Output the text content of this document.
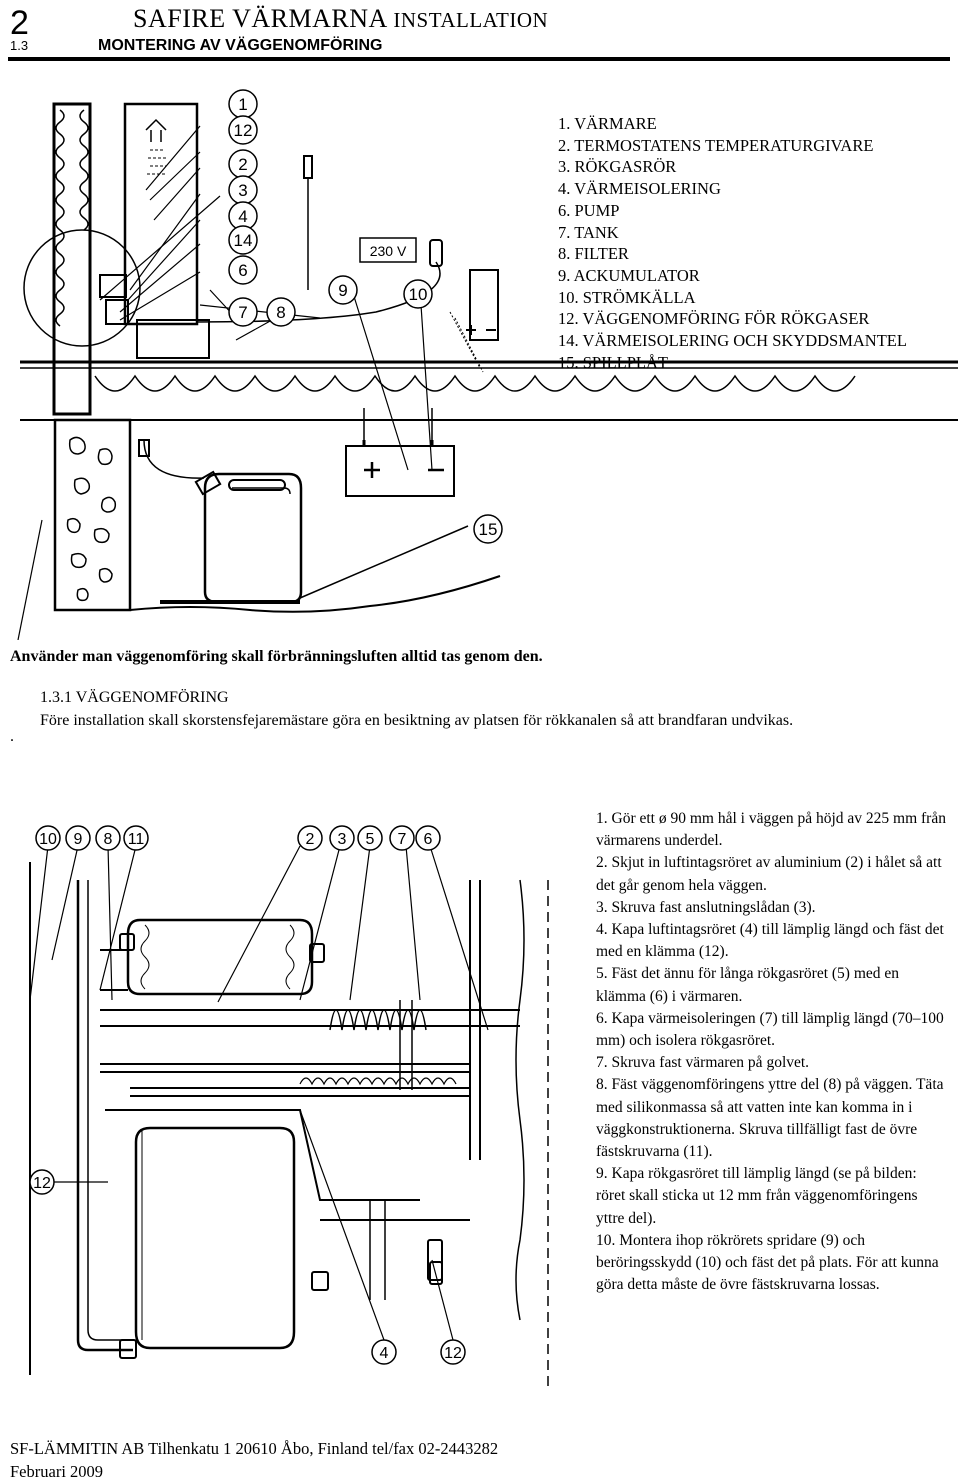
2
1.3
SAFIRE VÄRMARNA INSTALLATION
MONTERING AV VÄGGENOMFÖRING
1
12
2
3
4
14
6
7 8
9	10
15
230 V
1. VÄRMARE
2. TERMOSTATENS TEMPERATURGIVARE
3. RÖKGASRÖR
4. VÄRMEISOLERING
6. PUMP
7. TANK
8. FILTER
9. ACKUMULATOR
10. STRÖMKÄLLA
12. VÄGGENOMFÖRING FÖR RÖKGASER
14. VÄRMEISOLERING OCH SKYDDSMANTEL
15. SPILLPLÅT
Använder man väggenomföring skall förbränningsluften alltid tas genom den.
1.3.1 VÄGGENOMFÖRING
Före installation skall skorstensfejaremästare göra en besiktning av platsen för rökkanalen så att brandfaran undvikas.
.
10 9 8 11	2 3 5 7 6
12
4	12

1. Gör ett ø 90 mm hål i väggen på höjd av 225 mm från värmarens underdel.

2. Skjut in luftintagsröret av aluminium (2) i hålet så att det går genom hela väggen.

3. Skruva fast anslutningslådan (3).

4. Kapa luftintagsröret (4) till lämplig längd och fäst det med en klämma (12).

5. Fäst det ännu för långa rökgasröret (5) med en klämma (6) i värmaren.

6. Kapa värmeisoleringen (7) till lämplig längd (70–100 mm) och isolera rökgasröret.

7. Skruva fast värmaren på golvet.

8. Fäst väggenomföringens yttre del (8) på väggen. Täta med silikonmassa så att vatten inte kan komma in i väggkonstruktionerna. Skruva tillfälligt fast de övre fästskruvarna (11).

9. Kapa rökgasröret till lämplig längd (se på bilden: röret skall sticka ut 12 mm från väggenomföringens yttre del).

10. Montera ihop rökrörets spridare (9) och beröringsskydd (10) och fäst det på plats. För att kunna göra detta måste de övre fästskruvarna lossas.

SF-LÄMMITIN AB Tilhenkatu 1 20610 Åbo, Finland tel/fax 02-2443282
Februari 2009
